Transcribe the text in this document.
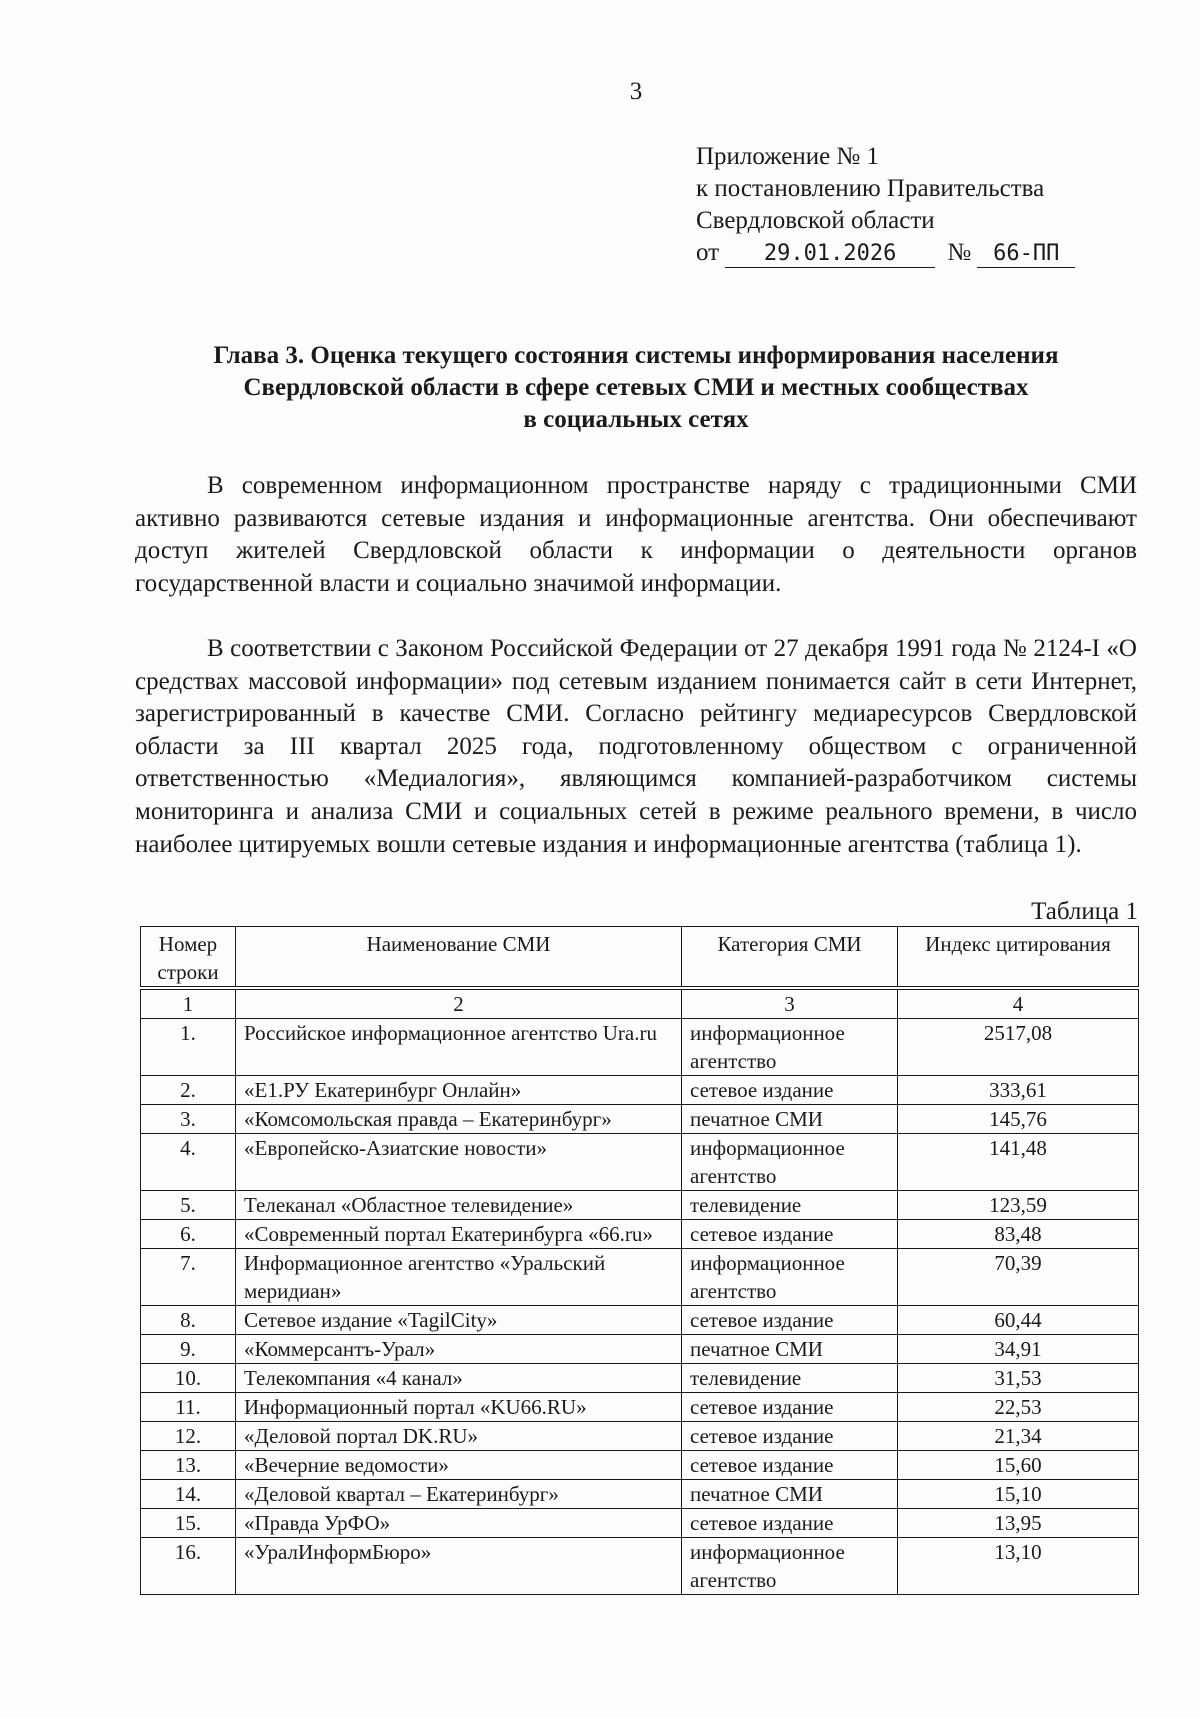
3
Приложение № 1
к постановлению Правительства
Свердловской области
от 29.01.2026 № 66-ПП
Глава 3. Оценка текущего состояния системы информирования населения
Свердловской области в сфере сетевых СМИ и местных сообществах
в социальных сетях

В современном информационном пространстве наряду с традиционными СМИ активно развиваются сетевые издания и информационные агентства. Они обеспечивают доступ жителей Свердловской области к информации о деятельности органов государственной власти и социально значимой информации.

В соответствии с Законом Российской Федерации от 27 декабря 1991 года № 2124-I «О средствах массовой информации» под сетевым изданием понимается сайт в сети Интернет, зарегистрированный в качестве СМИ. Согласно рейтингу медиаресурсов Свердловской области за III квартал 2025 года, подготовленному обществом с ограниченной ответственностью «Медиалогия», являющимся компанией-разработчиком системы мониторинга и анализа СМИ и социальных сетей в режиме реального времени, в число наиболее цитируемых вошли сетевые издания и информационные агентства (таблица 1).

Таблица 1
Номер строки	Наименование СМИ	Категория СМИ	Индекс цитирования
1	2	3	4
1.	Российское информационное агентство Ura.ru	информационное агентство	2517,08
2.	«Е1.РУ Екатеринбург Онлайн»	сетевое издание	333,61
3.	«Комсомольская правда – Екатеринбург»	печатное СМИ	145,76
4.	«Европейско-Азиатские новости»	информационное агентство	141,48
5.	Телеканал «Областное телевидение»	телевидение	123,59
6.	«Современный портал Екатеринбурга «66.ru»	сетевое издание	83,48
7.	Информационное агентство «Уральский меридиан»	информационное агентство	70,39
8.	Сетевое издание «TagilCity»	сетевое издание	60,44
9.	«Коммерсантъ-Урал»	печатное СМИ	34,91
10.	Телекомпания «4 канал»	телевидение	31,53
11.	Информационный портал «KU66.RU»	сетевое издание	22,53
12.	«Деловой портал DK.RU»	сетевое издание	21,34
13.	«Вечерние ведомости»	сетевое издание	15,60
14.	«Деловой квартал – Екатеринбург»	печатное СМИ	15,10
15.	«Правда УрФО»	сетевое издание	13,95
16.	«УралИнформБюро»	информационное агентство	13,10
